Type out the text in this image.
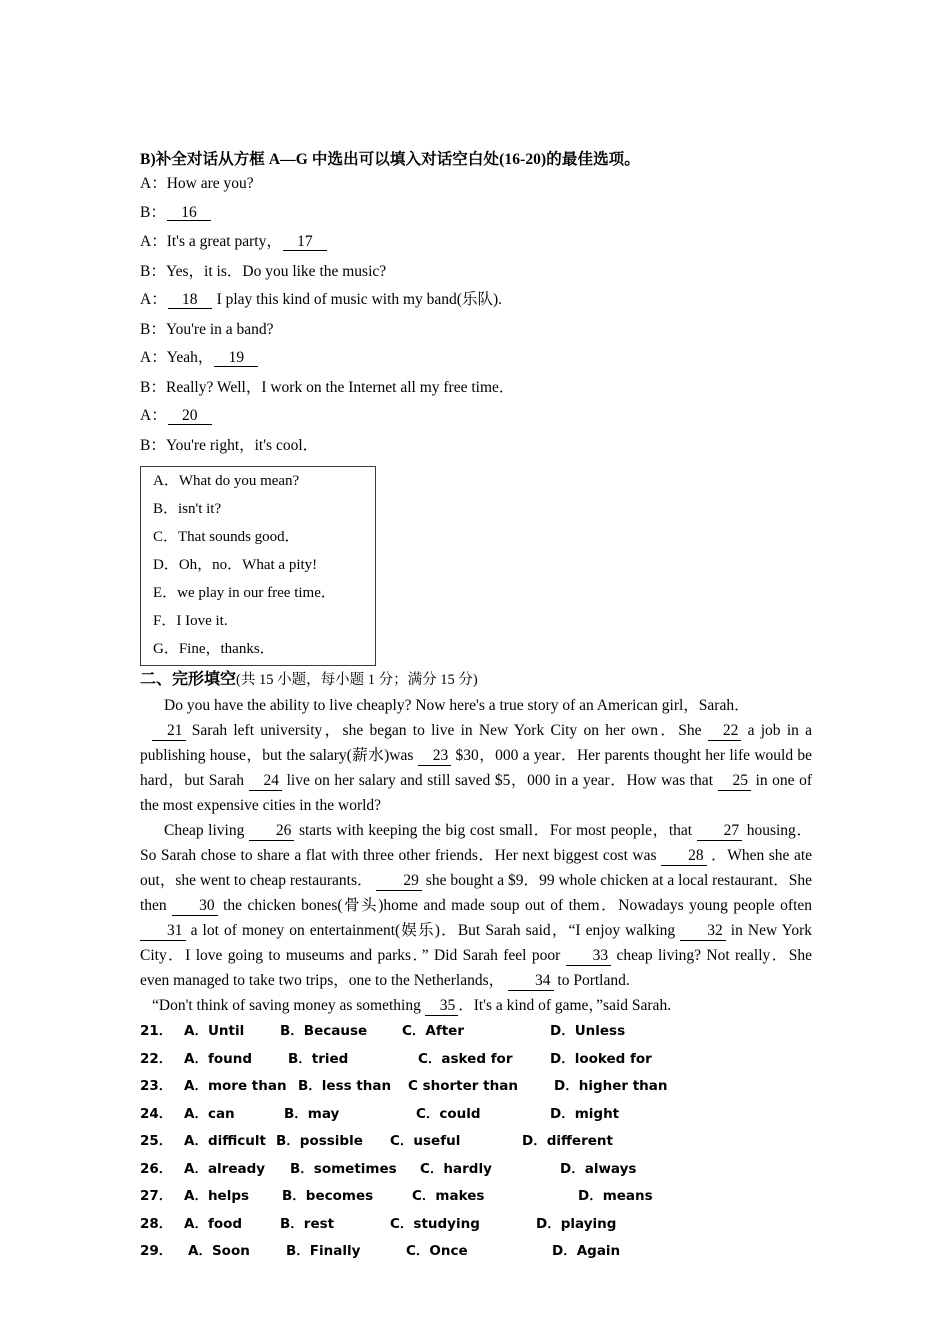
B)补全对话从方框 A—G 中选出可以填入对话空白处(16-20)的最佳选项。
A：How are you?
B： 16
A：It's a great party， 17
B：Yes，it is．Do you like the music?
A： 18 I play this kind of music with my band(乐队).
B：You're in a band?
A：Yeah， 19
B：Really? Well，I work on the Internet all my free time．
A： 20
B：You're right，it's cool．
A．What do you mean?
B．isn't it?
C．That sounds good．
D．Oh，no．What a pity!
E．we play in our free time．
F．I Iove it.
G．Fine，thanks．
二、完形填空(共 15 小题，每小题 1 分；满分 15 分)
Do you have the ability to live cheaply? Now here's a true story of an American girl，Sarah．
21 Sarah left university，she began to live in New York City on her own．She 22 a job in a publishing house，but the salary(薪水)was 23 $30，000 a year．Her parents thought her life would be hard，but Sarah 24 live on her salary and still saved $5，000 in a year．How was that 25 in one of the most expensive cities in the world?
Cheap living 26 starts with keeping the big cost small．For most people，that 27 housing．So Sarah chose to share a flat with three other friends．Her next biggest cost was 28 ．When she ate out，she went to cheap restaurants． 29 she bought a $9．99 whole chicken at a local restaurant．She then 30 the chicken bones(骨头)home and made soup out of them．Nowadays young people often 31 a lot of money on entertainment(娱乐)．But Sarah said，“I enjoy walking 32 in New York City．I love going to museums and parks．” Did Sarah feel poor 33 cheap living? Not really．She even managed to take two trips，one to the Netherlands， 34 to Portland.
“Don't think of saving money as something 35 ．It's a kind of game，”said Sarah.
21． A．Until	B．Because	C．After	D．Unless
22． A．found	B．tried	C．asked for	D．looked for
23． A．more than B．less than C shorter than	D．higher than
24． A．can	B．may	C．could	D．might
25． A．difficult B．possible C．useful	D．different
26． A．already B．sometimes C．hardly	D．always
27． A．helps B．becomes	C．makes	D．means
28． A．food	B．rest	C．studying	D．playing
29． A．Soon	B．Finally	C．Once	D．Again
